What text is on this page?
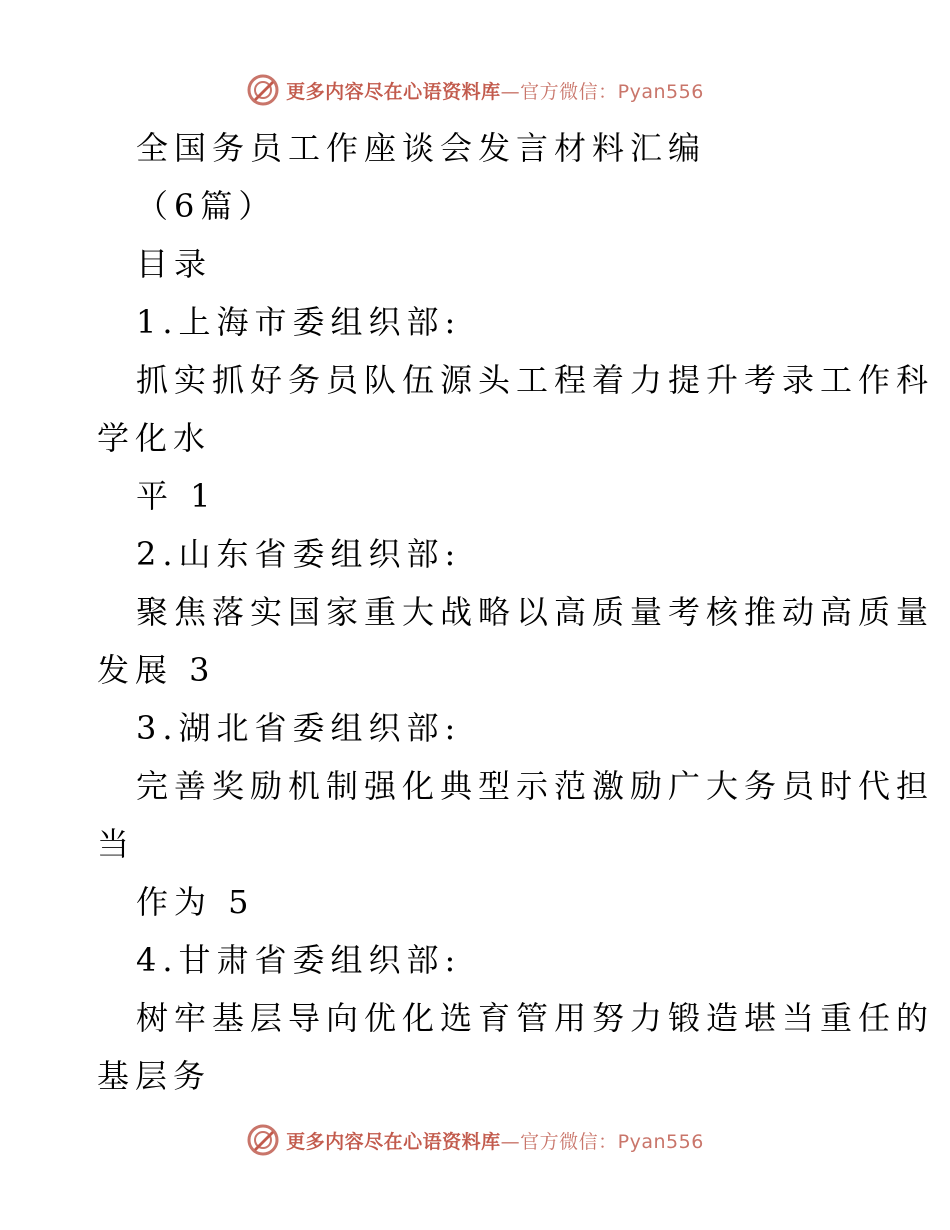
更多内容尽在心语资料库—官方微信：Pyan556
全国务员工作座谈会发言材料汇编
（6篇）
目录
1.上海市委组织部:
抓实抓好务员队伍源头工程着力提升考录工作科
学化水
平 1
2.山东省委组织部:
聚焦落实国家重大战略以高质量考核推动高质量
发展 3
3.湖北省委组织部:
完善奖励机制强化典型示范激励广大务员时代担
当
作为 5
4.甘肃省委组织部:
树牢基层导向优化选育管用努力锻造堪当重任的
基层务
更多内容尽在心语资料库—官方微信：Pyan556
